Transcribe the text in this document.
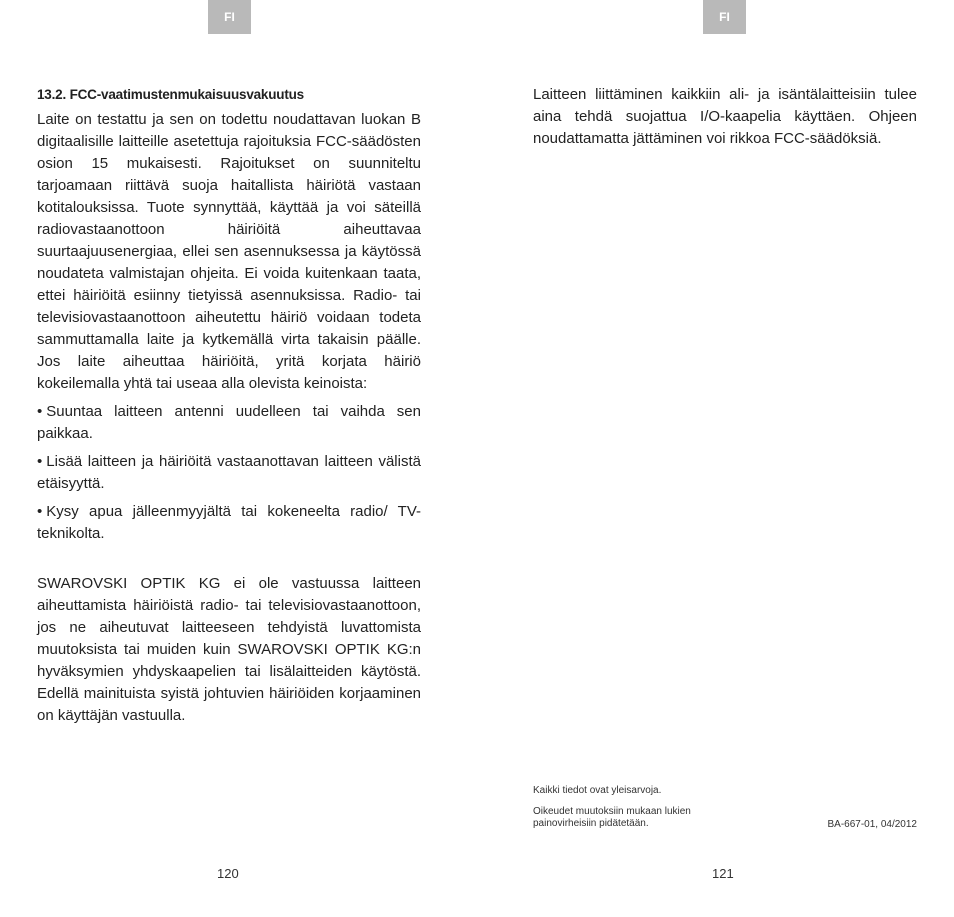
FI	FI
13.2. FCC-vaatimustenmukaisuusvakuutus

Laite on testattu ja sen on todettu noudattavan luokan B digitaalisille laitteille asetettuja rajoituksia FCC-säädösten osion 15 mukaisesti. Rajoitukset on suunniteltu tarjoamaan riittävä suoja haitallista häiriötä vastaan kotitalouksissa. Tuote synnyttää, käyttää ja voi säteillä radiovastaanottoon häiriöitä aiheuttavaa suurtaajuusenergiaa, ellei sen asennuksessa ja käytössä noudateta valmistajan ohjeita. Ei voida kuitenkaan taata, ettei häiriöitä esiinny tietyissä asennuksissa. Radio- tai televisiovastaanottoon aiheutettu häiriö voidaan todeta sammuttamalla laite ja kytkemällä virta takaisin päälle. Jos laite aiheuttaa häiriöitä, yritä korjata häiriö kokeilemalla yhtä tai useaa alla olevista keinoista:

• Suuntaa laitteen antenni uudelleen tai vaihda sen paikkaa.

• Lisää laitteen ja häiriöitä vastaanottavan laitteen välistä etäisyyttä.

• Kysy apua jälleenmyyjältä tai kokeneelta radio/ TV-teknikolta.

SWAROVSKI OPTIK KG ei ole vastuussa laitteen aiheuttamista häiriöistä radio- tai televisiovastaanottoon, jos ne aiheutuvat laitteeseen tehdyistä luvattomista muutoksista tai muiden kuin SWAROVSKI OPTIK KG:n hyväksymien yhdyskaapelien tai lisälaitteiden käytöstä. Edellä mainituista syistä johtuvien häiriöiden korjaaminen on käyttäjän vastuulla.

Laitteen liittäminen kaikkiin ali- ja isäntälaitteisiin tulee aina tehdä suojattua I/O-kaapelia käyttäen. Ohjeen noudattamatta jättäminen voi rikkoa FCC-säädöksiä.

Kaikki tiedot ovat yleisarvoja.
Oikeudet muutoksiin mukaan lukien
painovirheisiin pidätetään.	BA-667-01, 04/2012
120	121
